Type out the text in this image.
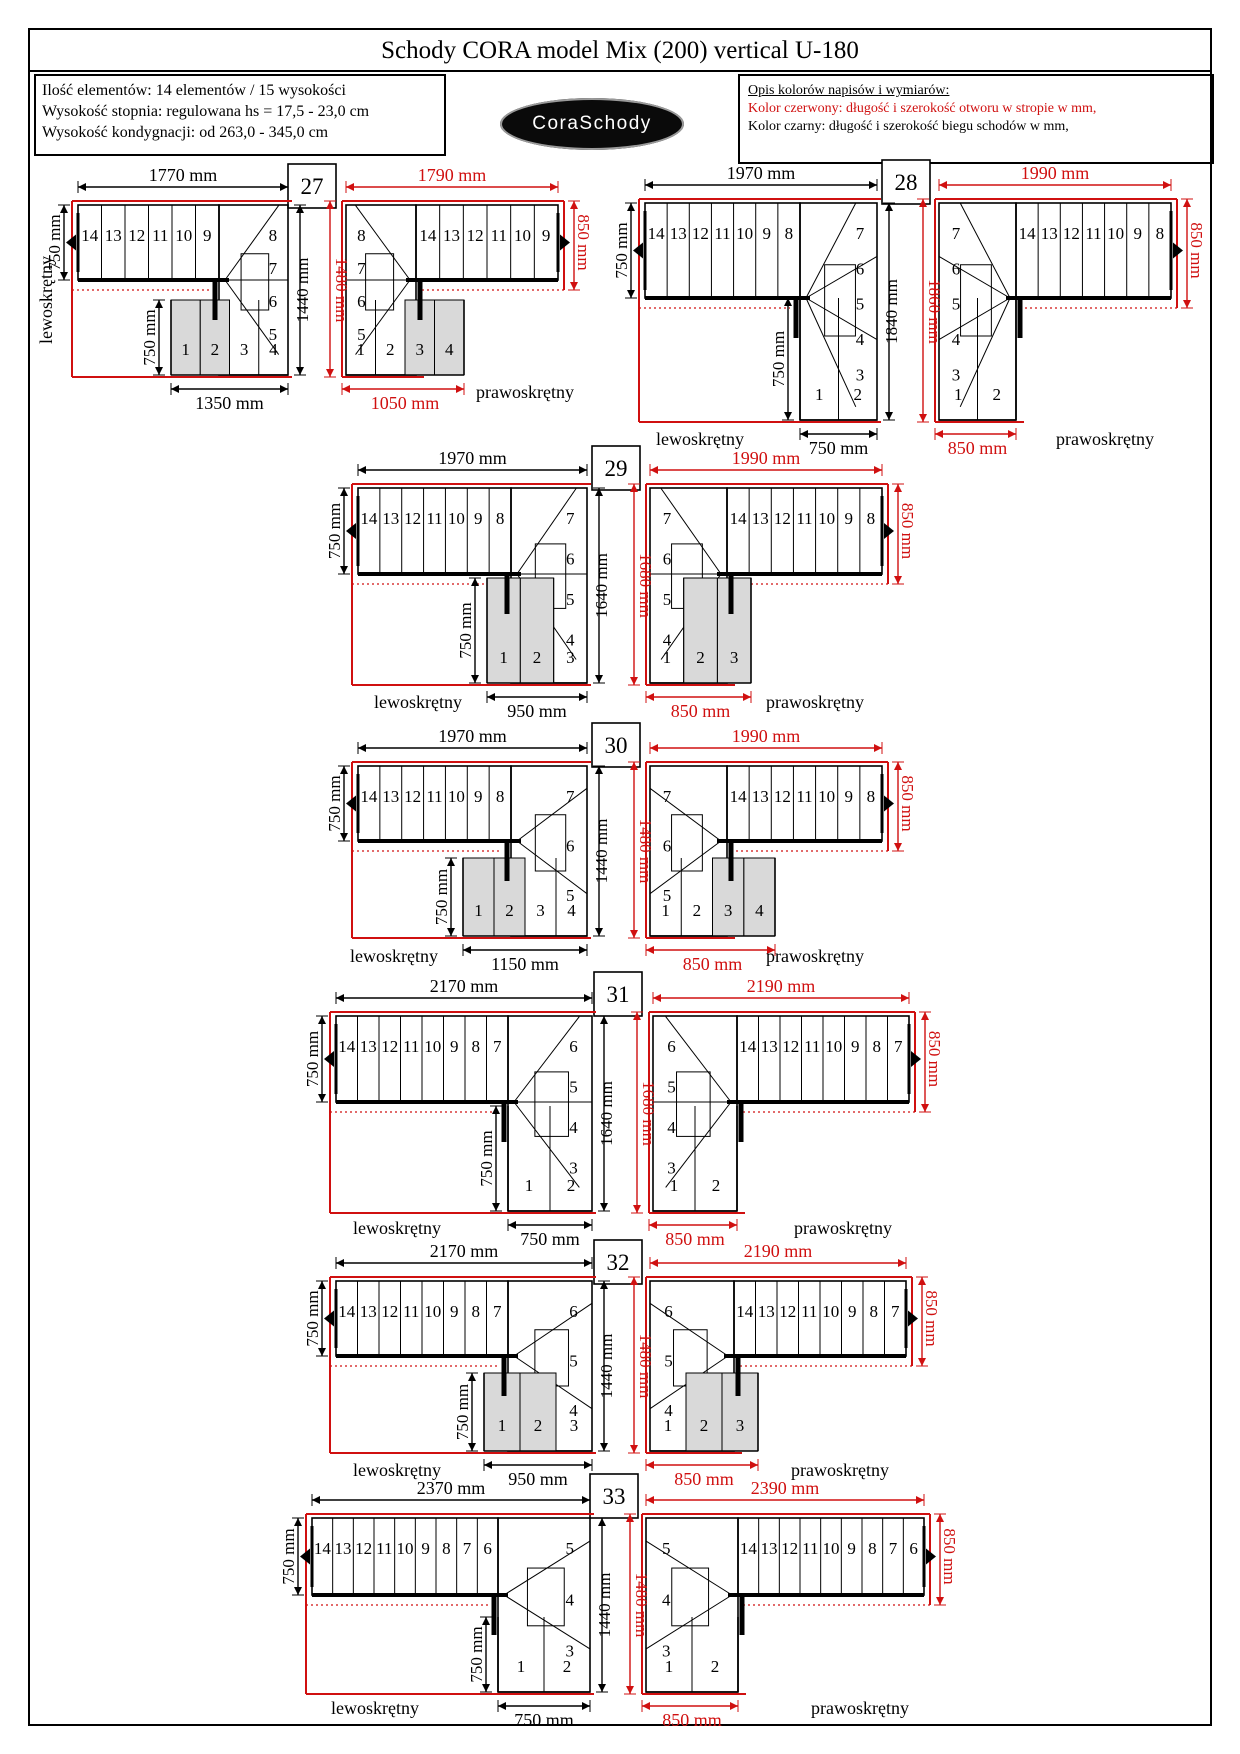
Schody CORA model Mix (200) vertical U-180
Ilość elementów: 14 elementów / 15 wysokości
Wysokość stopnia: regulowana hs = 17,5 - 23,0 cm
Wysokość kondygnacji: od 263,0 - 345,0 cm	CoraSchody
Opis kolorów napisów i wymiarów:
Kolor czerwony: długość i szerokość otworu w stropie w mm,
Kolor czarny: długość i szerokość biegu schodów w mm,
27
14 13 12 11 10 9	8
7
6
5
1 2 3 4
1770 mm
750 mm
750 mm
1350 mm
9
10
11
12
13
14
8
7
6
5
4
3
2
1
1790 mm
850 mm
1050 mm
1440 mm 1480 mm
lewoskrętny
prawoskrętny
28
14 13 12 11 10 9 8	7
6
5
4
3
1 2
1970 mm
750 mm
750 mm
750 mm
8
9
10
11
12
13
14
7
6
5
4
3
2
1
1990 mm
850 mm
850 mm
1840 mm 1860 mm
lewoskrętny	prawoskrętny
29
14 13 12 11 10 9 8	7
6
5
4
1 2 3
1970 mm
750 mm
750 mm
950 mm
8
9
10
11
12
13
14
7
6
5
4
3
2
1
1990 mm
850 mm
850 mm
1640 mm 1680 mm
lewoskrętny	prawoskrętny
30
14 13 12 11 10 9 8	7
6
5
1 2 3 4
1970 mm
750 mm
750 mm
1150 mm
8
9
10
11
12
13
14
7
6
5
4
3
2
1
1990 mm
850 mm
850 mm
1440 mm 1480 mm
lewoskrętny	prawoskrętny
31
14 13 12 11 10 9 8 7	6
5
4
3
1 2
2170 mm
750 mm
750 mm
750 mm
7
8
9
10
11
12
13
14
6
5
4
3
2
1
2190 mm
850 mm
850 mm
1640 mm 1680 mm
lewoskrętny	prawoskrętny
32
14 13 12 11 10 9 8 7	6
5
4
1 2 3
2170 mm
750 mm
750 mm
950 mm
7
8
9
10
11
12
13
14
6
5
4
3
2
1
2190 mm
850 mm
850 mm
1440 mm 1480 mm
lewoskrętny	prawoskrętny
33
14 13 12 11 10 9 8 7 6	5
4
3
1 2
2370 mm
750 mm
750 mm
750 mm
6
7
8
9
10
11
12
13
14
5
4
3
2
1
2390 mm
850 mm
850 mm
1440 mm 1480 mm
lewoskrętny	prawoskrętny
